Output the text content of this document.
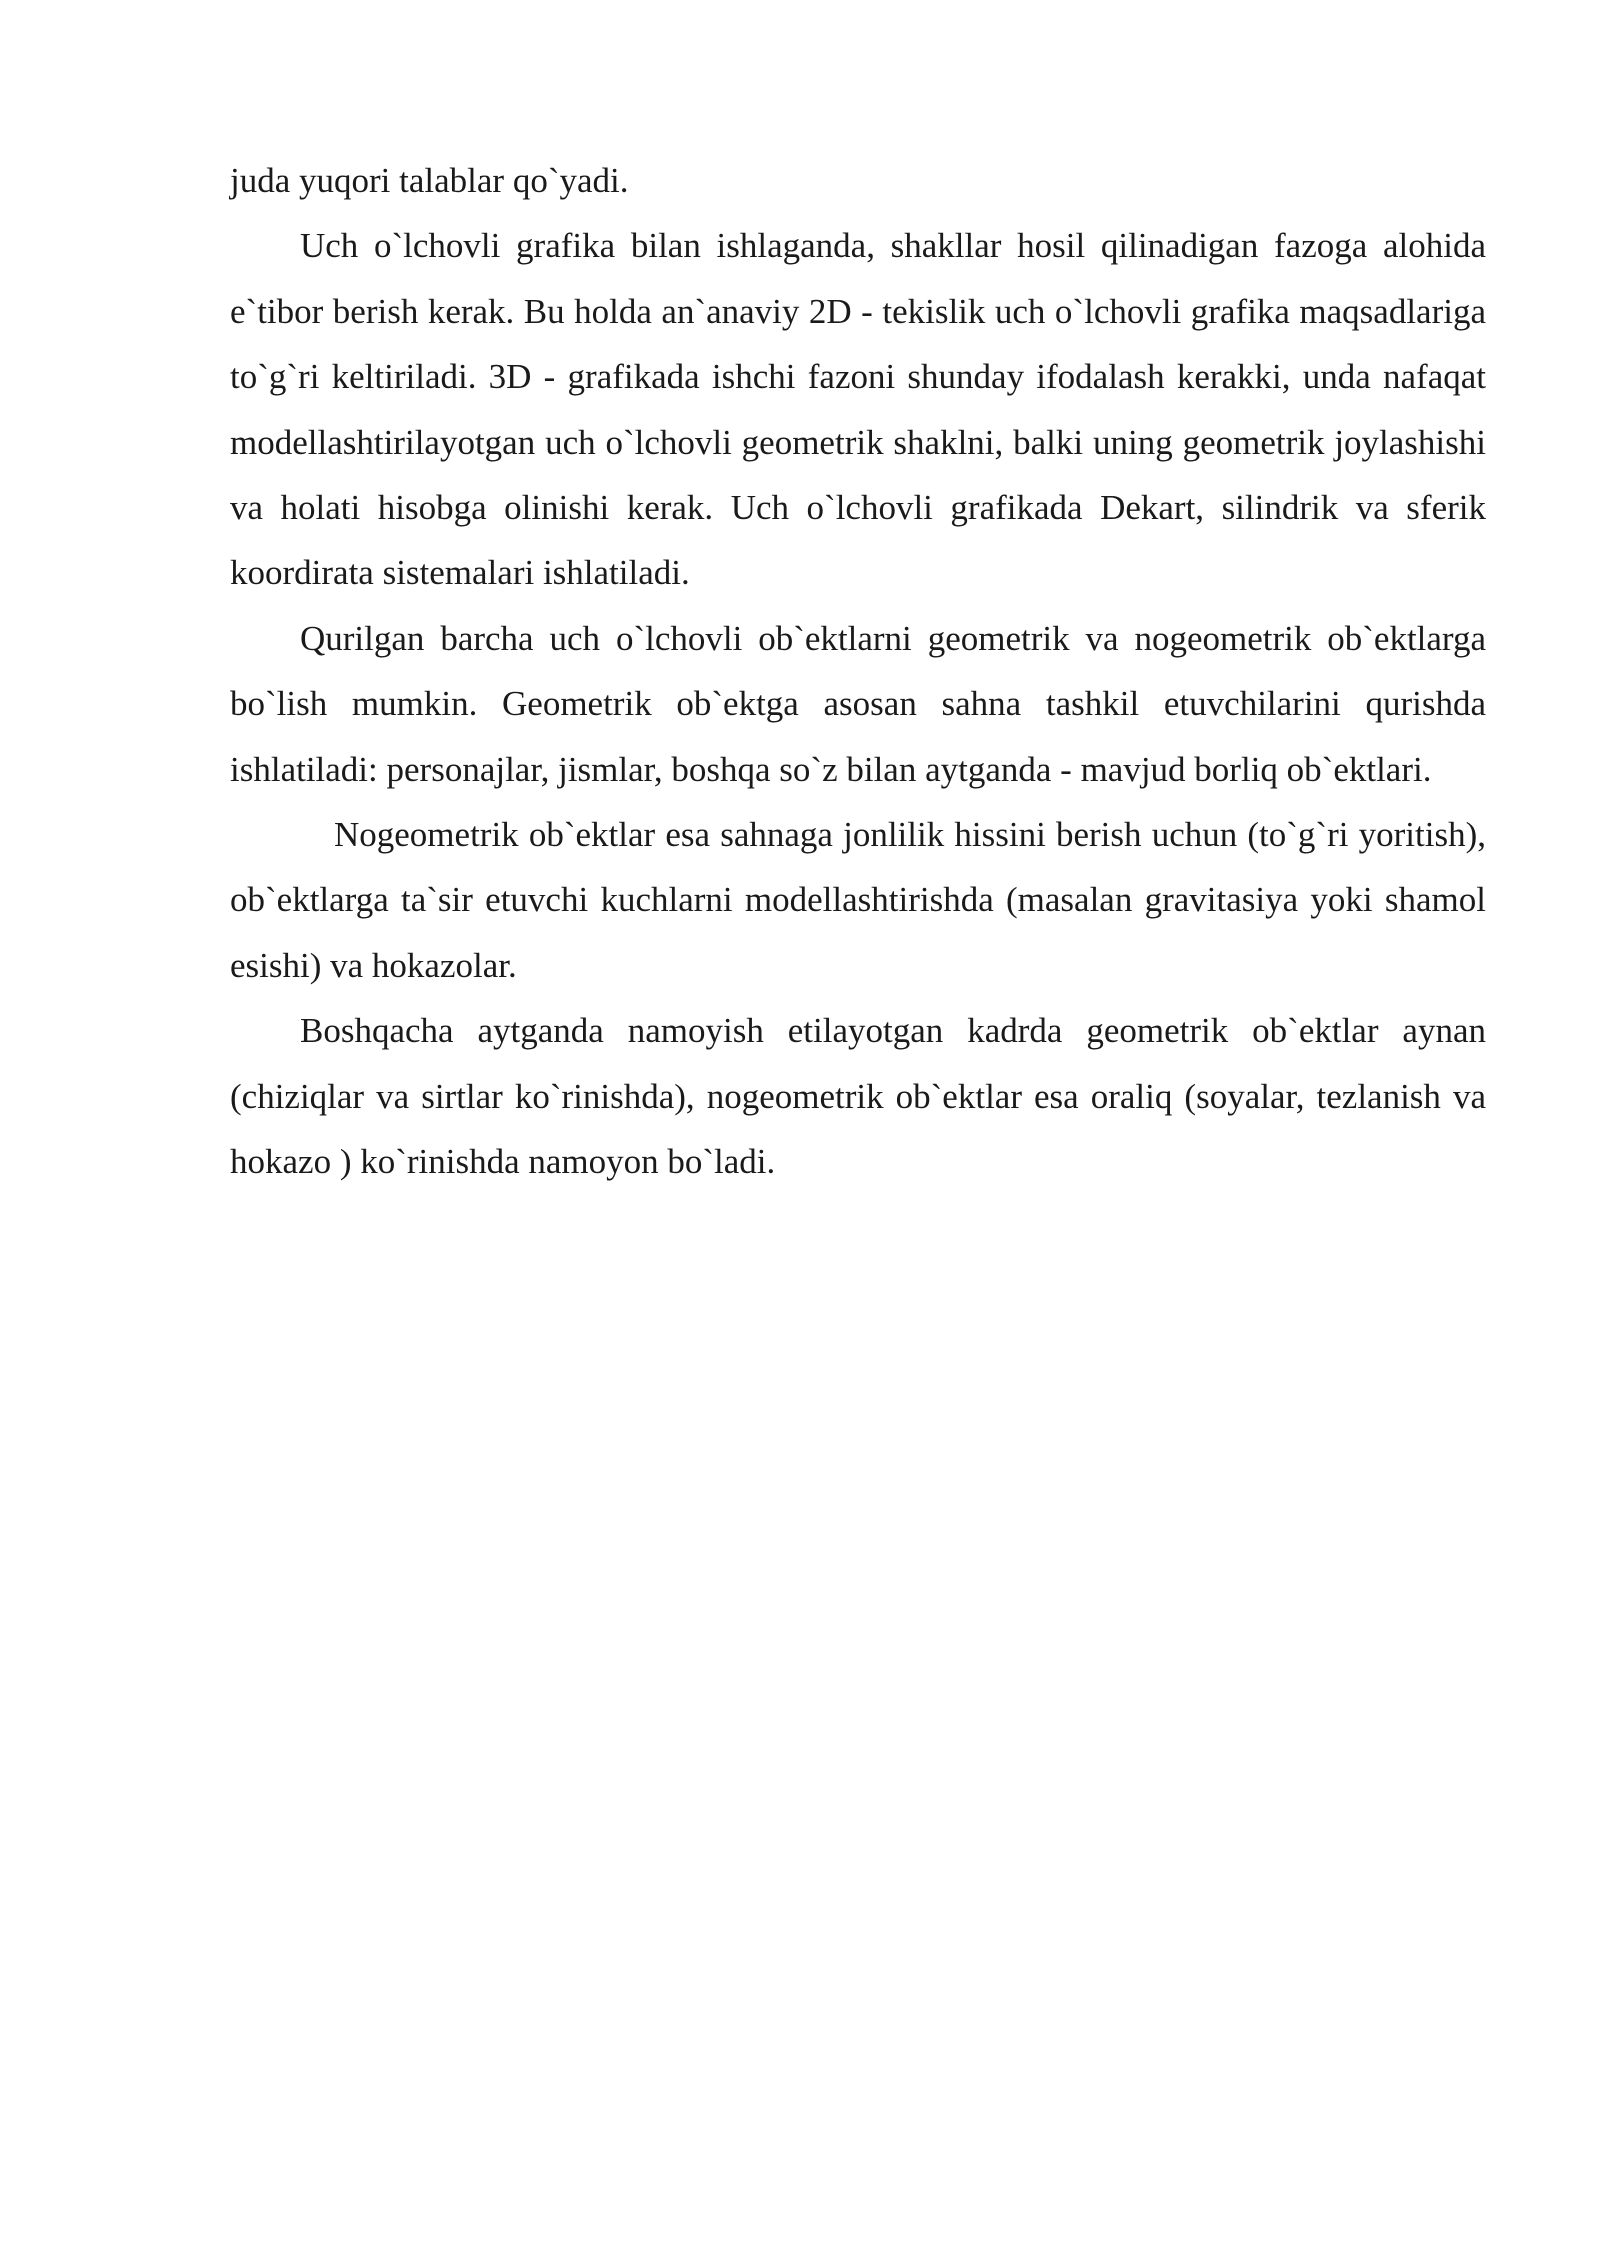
juda yuqori talablar qo`yadi.

Uch o`lchovli grafika bilan ishlaganda, shakllar hosil qilinadigan fazoga alohida e`tibor berish kerak. Bu holda an`anaviy 2D - tekislik uch o`lchovli grafika maqsadlariga to`g`ri keltiriladi. 3D - grafikada ishchi fazoni shunday ifodalash kerakki, unda nafaqat modellashtirilayotgan uch o`lchovli geometrik shaklni, balki uning geometrik joylashishi va holati hisobga olinishi kerak. Uch o`lchovli grafikada Dekart, silindrik va sferik koordirata sistemalari ishlatiladi.

Qurilgan barcha uch o`lchovli ob`ektlarni geometrik va nogeometrik ob`ektlarga bo`lish mumkin. Geometrik ob`ektga asosan sahna tashkil etuvchilarini qurishda ishlatiladi: personajlar, jismlar, boshqa so`z bilan aytganda - mavjud borliq ob`ektlari.

Nogeometrik ob`ektlar esa sahnaga jonlilik hissini berish uchun (to`g`ri yoritish), ob`ektlarga ta`sir etuvchi kuchlarni modellashtirishda (masalan gravitasiya yoki shamol esishi) va hokazolar.

Boshqacha aytganda namoyish etilayotgan kadrda geometrik ob`ektlar aynan (chiziqlar va sirtlar ko`rinishda), nogeometrik ob`ektlar esa oraliq (soyalar, tezlanish va hokazo ) ko`rinishda namoyon bo`ladi.
